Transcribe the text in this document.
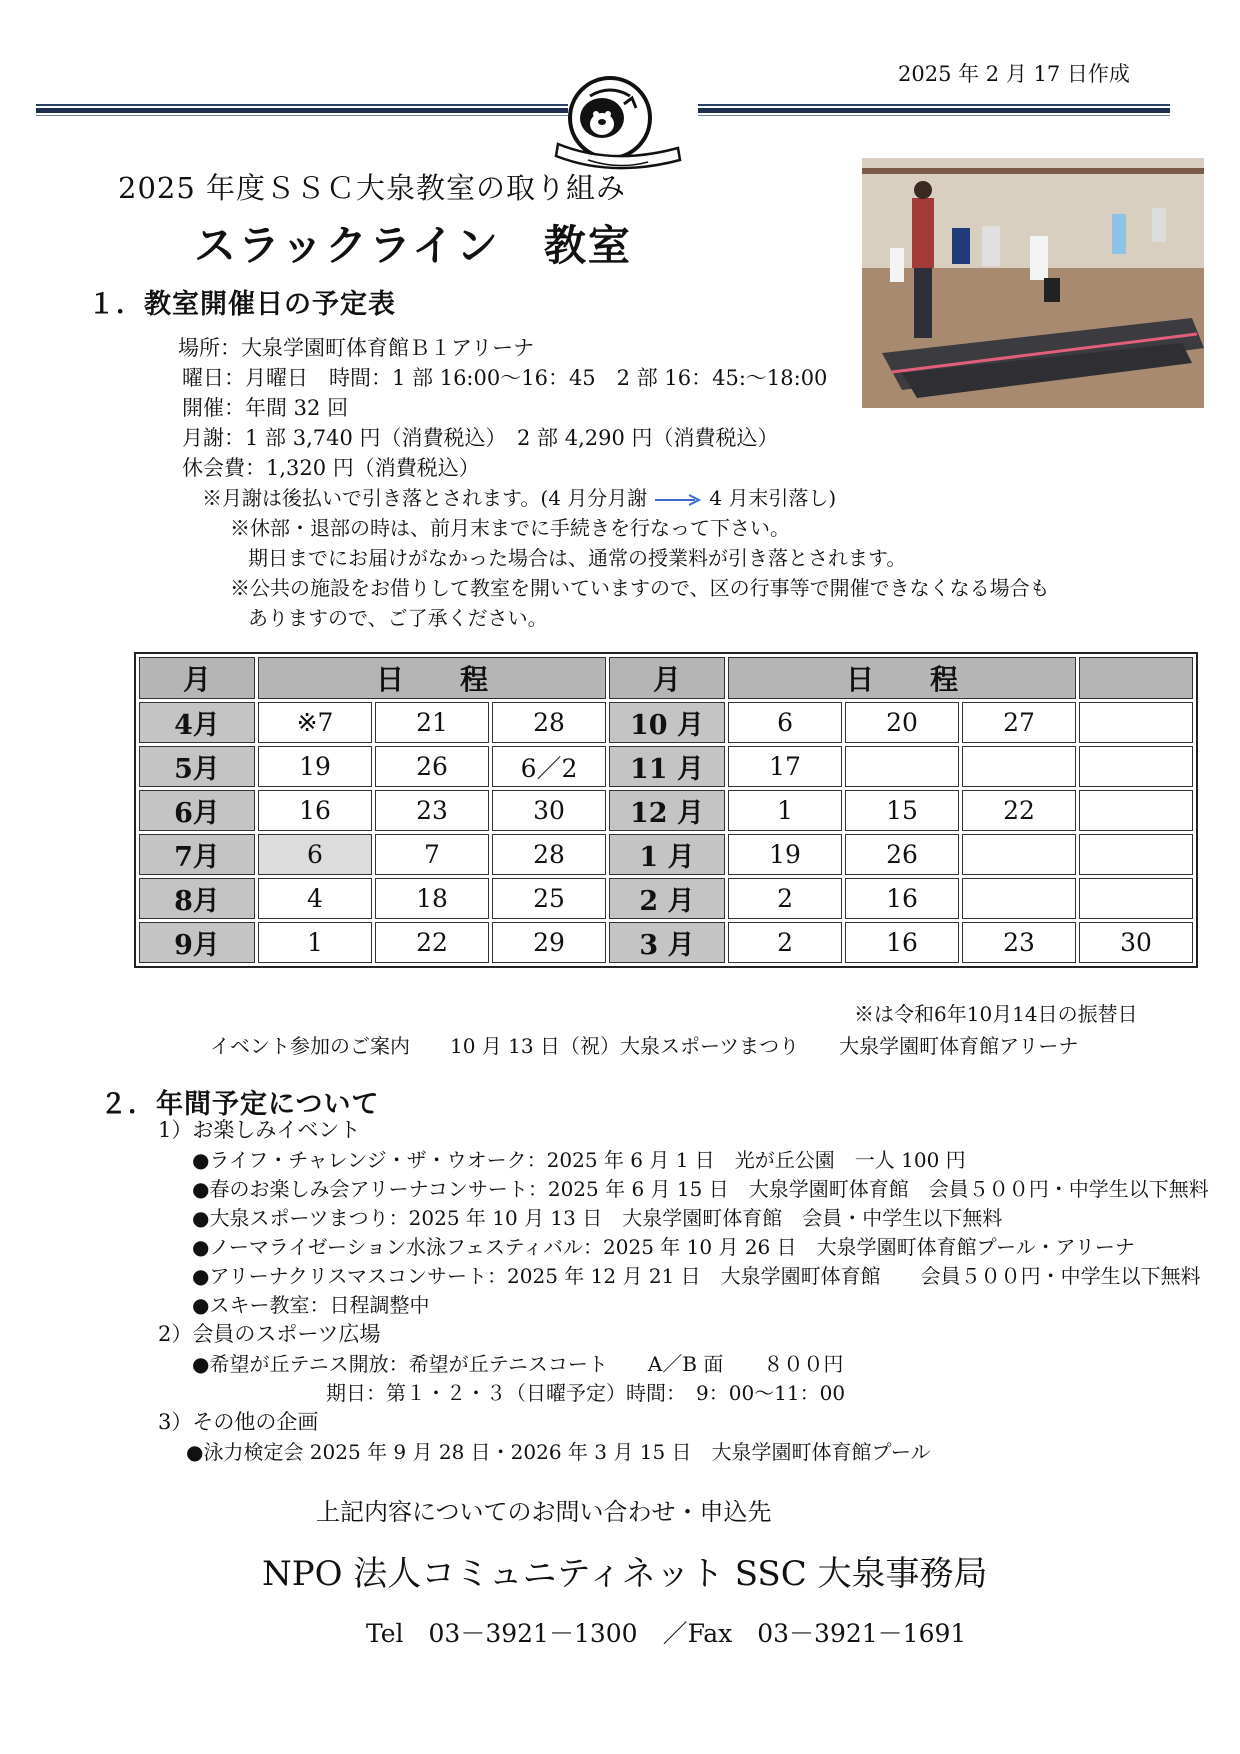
2025 年 2 月 17 日作成
2025 年度ＳＳＣ大泉教室の取り組み
スラックライン　教室
１．教室開催日の予定表
場所：大泉学園町体育館Ｂ１アリーナ
曜日：月曜日　時間：1 部 16:00～16：45　2 部 16：45:～18:00
開催：年間 32 回
月謝：1 部 3,740 円（消費税込）　2 部 4,290 円（消費税込）
休会費：1,320 円（消費税込）
※月謝は後払いで引き落とされます。(4 月分月謝	4 月末引落し)
※休部・退部の時は、前月末までに手続きを行なって下さい。
期日までにお届けがなかった場合は、通常の授業料が引き落とされます。
※公共の施設をお借りして教室を開いていますので、区の行事等で開催できなくなる場合も
ありますので、ご了承ください。
月	日　　程			月	日　　程			
4月	※7	21	28	10 月	6	20	27	
5月	19	26	6／2	11 月	17			
6月	16	23	30	12 月	1	15	22	
7月	6	7	28	1 月	19	26		
8月	4	18	25	2 月	2	16		
9月	1	22	29	3 月	2	16	23	30
※は令和6年10月14日の振替日
イベント参加のご案内　　10 月 13 日（祝）大泉スポーツまつり　　大泉学園町体育館アリーナ
２．年間予定について
1）お楽しみイベント
●ライフ・チャレンジ・ザ・ウオーク：2025 年 6 月 1 日　光が丘公園　一人 100 円
●春のお楽しみ会アリーナコンサート：2025 年 6 月 15 日　大泉学園町体育館　会員５００円・中学生以下無料
●大泉スポーツまつり：2025 年 10 月 13 日　大泉学園町体育館　会員・中学生以下無料
●ノーマライゼーション水泳フェスティバル：2025 年 10 月 26 日　大泉学園町体育館プール・アリーナ
●アリーナクリスマスコンサート：2025 年 12 月 21 日　大泉学園町体育館　　会員５００円・中学生以下無料
●スキー教室：日程調整中
2）会員のスポーツ広場
●希望が丘テニス開放：希望が丘テニスコート　　A／B 面　　８００円
期日：第１・２・３（日曜予定）時間：　9：00～11：00
3）その他の企画
●泳力検定会 2025 年 9 月 28 日・2026 年 3 月 15 日　大泉学園町体育館プール
上記内容についてのお問い合わせ・申込先
NPO 法人コミュニティネット SSC 大泉事務局
Tel　03－3921－1300　／Fax　03－3921－1691
